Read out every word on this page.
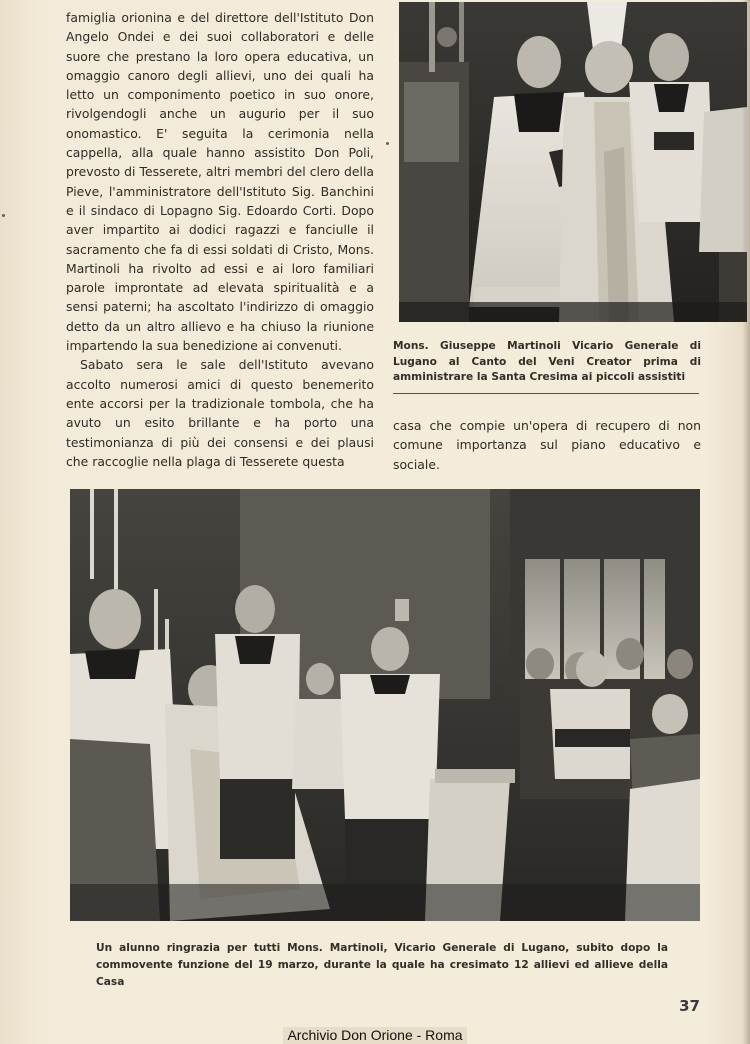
famiglia orionina e del direttore dell'Istituto Don Angelo Ondei e dei suoi collaboratori e delle suore che prestano la loro opera educativa, un omaggio canoro degli allievi, uno dei quali ha letto un componimento poetico in suo onore, rivolgendogli anche un augurio per il suo onomastico. E' seguita la cerimonia nella cappella, alla quale hanno assistito Don Poli, prevosto di Tesserete, altri membri del clero della Pieve, l'amministratore dell'Istituto Sig. Banchini e il sindaco di Lopagno Sig. Edoardo Corti. Dopo aver impartito ai dodici ragazzi e fanciulle il sacramento che fa di essi soldati di Cristo, Mons. Martinoli ha rivolto ad essi e ai loro familiari parole improntate ad elevata spiritualità e a sensi paterni; ha ascoltato l'indirizzo di omaggio detto da un altro allievo e ha chiuso la riunione impartendo la sua benedizione ai convenuti.

Sabato sera le sale dell'Istituto avevano accolto numerosi amici di questo benemerito ente accorsi per la tradizionale tombola, che ha avuto un esito brillante e ha porto una testimonianza di più dei consensi e dei plausi che raccoglie nella plaga di Tesserete questa

Mons. Giuseppe Martinoli Vicario Generale di Lugano al Canto del Veni Creator prima di amministrare la Santa Cresima ai piccoli assistiti

casa che compie un'opera di recupero di non comune importanza sul piano educativo e sociale.

Un alunno ringrazia per tutti Mons. Martinoli, Vicario Generale di Lugano, subito dopo la commovente funzione del 19 marzo, durante la quale ha cresimato 12 allievi ed allieve della Casa
37
Archivio Don Orione - Roma
